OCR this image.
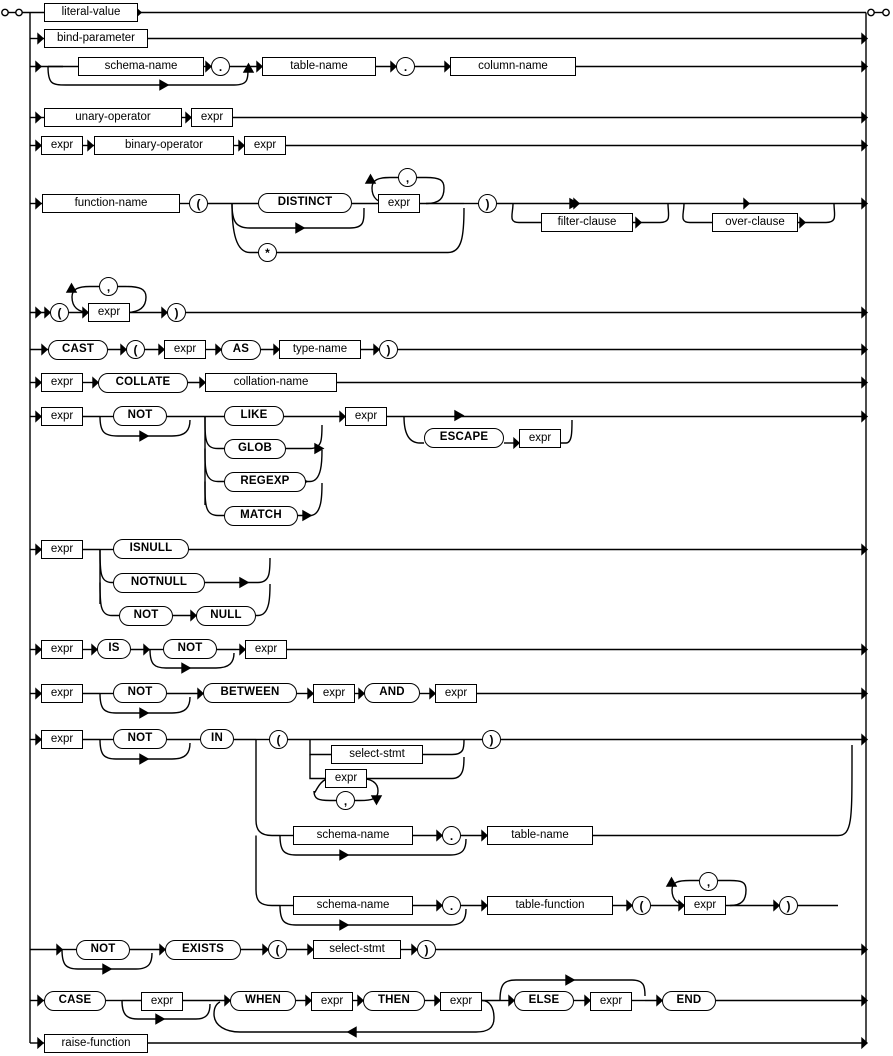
literal-value
bind-parameter
schema-name	.	table-name	.	column-name
unary-operator	expr
expr	binary-operator	expr
function-name	(	DISTINCT	expr
,
*
)
filter-clause	over-clause
(	expr
,
)
CAST	(	expr	AS	type-name	)
expr	COLLATE	collation-name
expr	NOT	LIKE
GLOB
REGEXP
MATCH
expr
ESCAPE	expr
expr	ISNULL
NOTNULL
NOT	NULL
expr	IS	NOT	expr
expr	NOT	BETWEEN	expr	AND	expr
expr	NOT	IN	(
select-stmt
expr
,
)
schema-name	.	table-name
schema-name	.	table-function	(	expr
,
)
NOT	EXISTS	(	select-stmt	)
CASE	expr	WHEN	expr	THEN	expr	ELSE	expr	END
raise-function
